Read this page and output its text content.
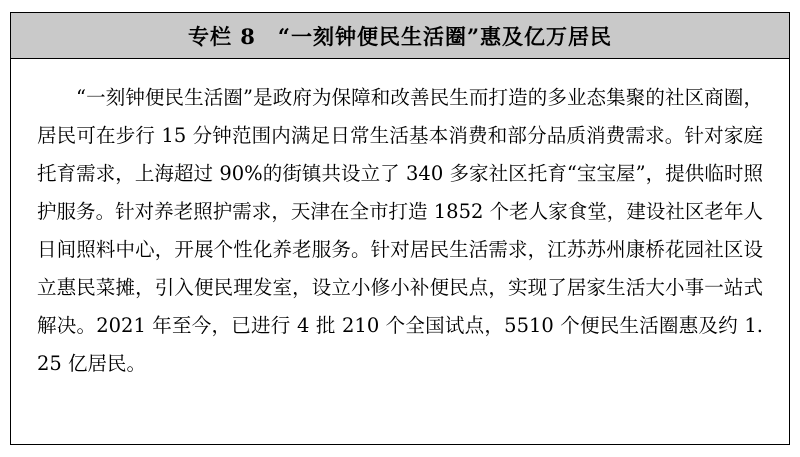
专栏 8　“一刻钟便民生活圈”惠及亿万居民

“一刻钟便民生活圈”是政府为保障和改善民生而打造的多业态集聚的社区商圈，居民可在步行 15 分钟范围内满足日常生活基本消费和部分品质消费需求。针对家庭托育需求，上海超过 90%的街镇共设立了 340 多家社区托育“宝宝屋”，提供临时照护服务。针对养老照护需求，天津在全市打造 1852 个老人家食堂，建设社区老年人日间照料中心，开展个性化养老服务。针对居民生活需求，江苏苏州康桥花园社区设立惠民菜摊，引入便民理发室，设立小修小补便民点，实现了居家生活大小事一站式解决。2021 年至今，已进行 4 批 210 个全国试点，5510 个便民生活圈惠及约 1. 25 亿居民。
